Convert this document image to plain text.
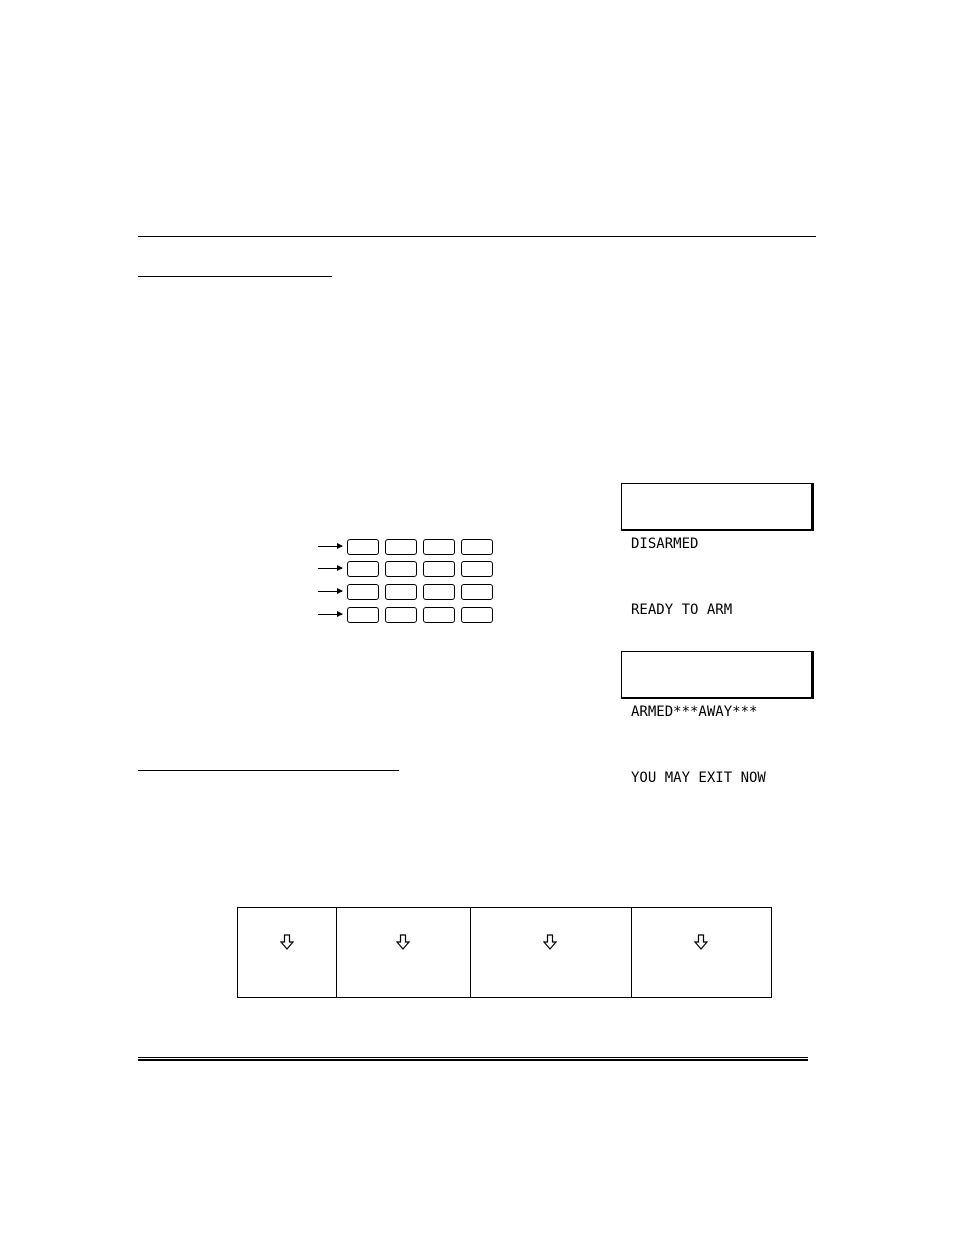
DISARMED

READY TO ARM

ARMED***AWAY***

YOU MAY EXIT NOW
